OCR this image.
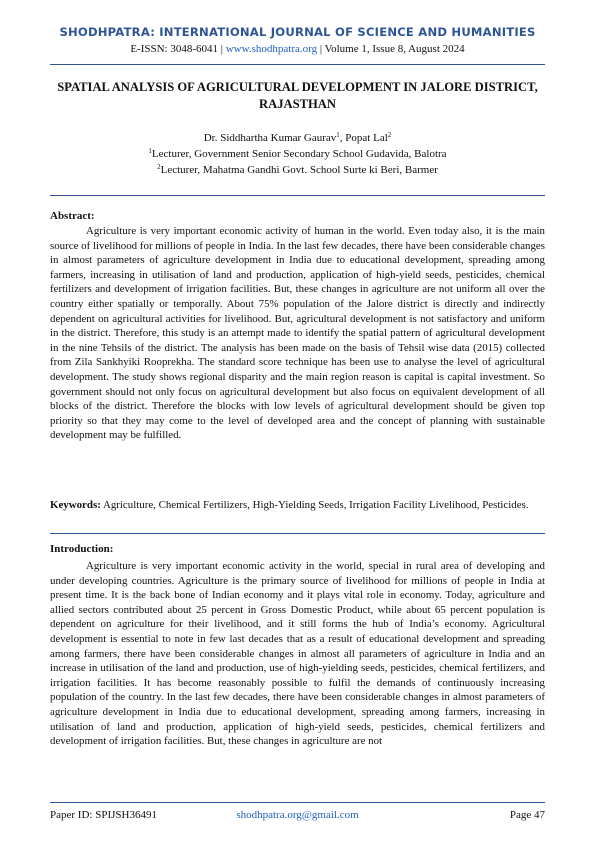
SHODHPATRA: INTERNATIONAL JOURNAL OF SCIENCE AND HUMANITIES
E-ISSN: 3048-6041 | www.shodhpatra.org | Volume 1, Issue 8, August 2024
SPATIAL ANALYSIS OF AGRICULTURAL DEVELOPMENT IN JALORE DISTRICT, RAJASTHAN
Dr. Siddhartha Kumar Gaurav$^1$, Popat Lal$^2$
$^1$Lecturer, Government Senior Secondary School Gudavida, Balotra
$^2$Lecturer, Mahatma Gandhi Govt. School Surte ki Beri, Barmer
Abstract:

Agriculture is very important economic activity of human in the world. Even today also, it is the main source of livelihood for millions of people in India. In the last few decades, there have been considerable changes in almost parameters of agriculture development in India due to educational development, spreading among farmers, increasing in utilisation of land and production, application of high-yield seeds, pesticides, chemical fertilizers and development of irrigation facilities. But, these changes in agriculture are not uniform all over the country either spatially or temporally. About 75% population of the Jalore district is directly and indirectly dependent on agricultural activities for livelihood. But, agricultural development is not satisfactory and uniform in the district. Therefore, this study is an attempt made to identify the spatial pattern of agricultural development in the nine Tehsils of the district. The analysis has been made on the basis of Tehsil wise data (2015) collected from Zila Sankhyiki Rooprekha. The standard score technique has been use to analyse the level of agricultural development. The study shows regional disparity and the main region reason is capital is capital investment. So government should not only focus on agricultural development but also focus on equivalent development of all blocks of the district. Therefore the blocks with low levels of agricultural development should be given top priority so that they may come to the level of developed area and the concept of planning with sustainable development may be fulfilled.

Keywords: Agriculture, Chemical Fertilizers, High-Yielding Seeds, Irrigation Facility Livelihood, Pesticides.

Introduction:

Agriculture is very important economic activity in the world, special in rural area of developing and under developing countries. Agriculture is the primary source of livelihood for millions of people in India at present time. It is the back bone of Indian economy and it plays vital role in economy. Today, agriculture and allied sectors contributed about 25 percent in Gross Domestic Product, while about 65 percent population is dependent on agriculture for their livelihood, and it still forms the hub of India’s economy. Agricultural development is essential to note in few last decades that as a result of educational development and spreading among farmers, there have been considerable changes in almost all parameters of agriculture in India and an increase in utilisation of the land and production, use of high-yielding seeds, pesticides, chemical fertilizers, and irrigation facilities. It has become reasonably possible to fulfil the demands of continuously increasing population of the country. In the last few decades, there have been considerable changes in almost parameters of agriculture development in India due to educational development, spreading among farmers, increasing in utilisation of land and production, application of high-yield seeds, pesticides, chemical fertilizers and development of irrigation facilities. But, these changes in agriculture are not

Paper ID: SPIJSH36491	shodhpatra.org@gmail.com	Page 47
